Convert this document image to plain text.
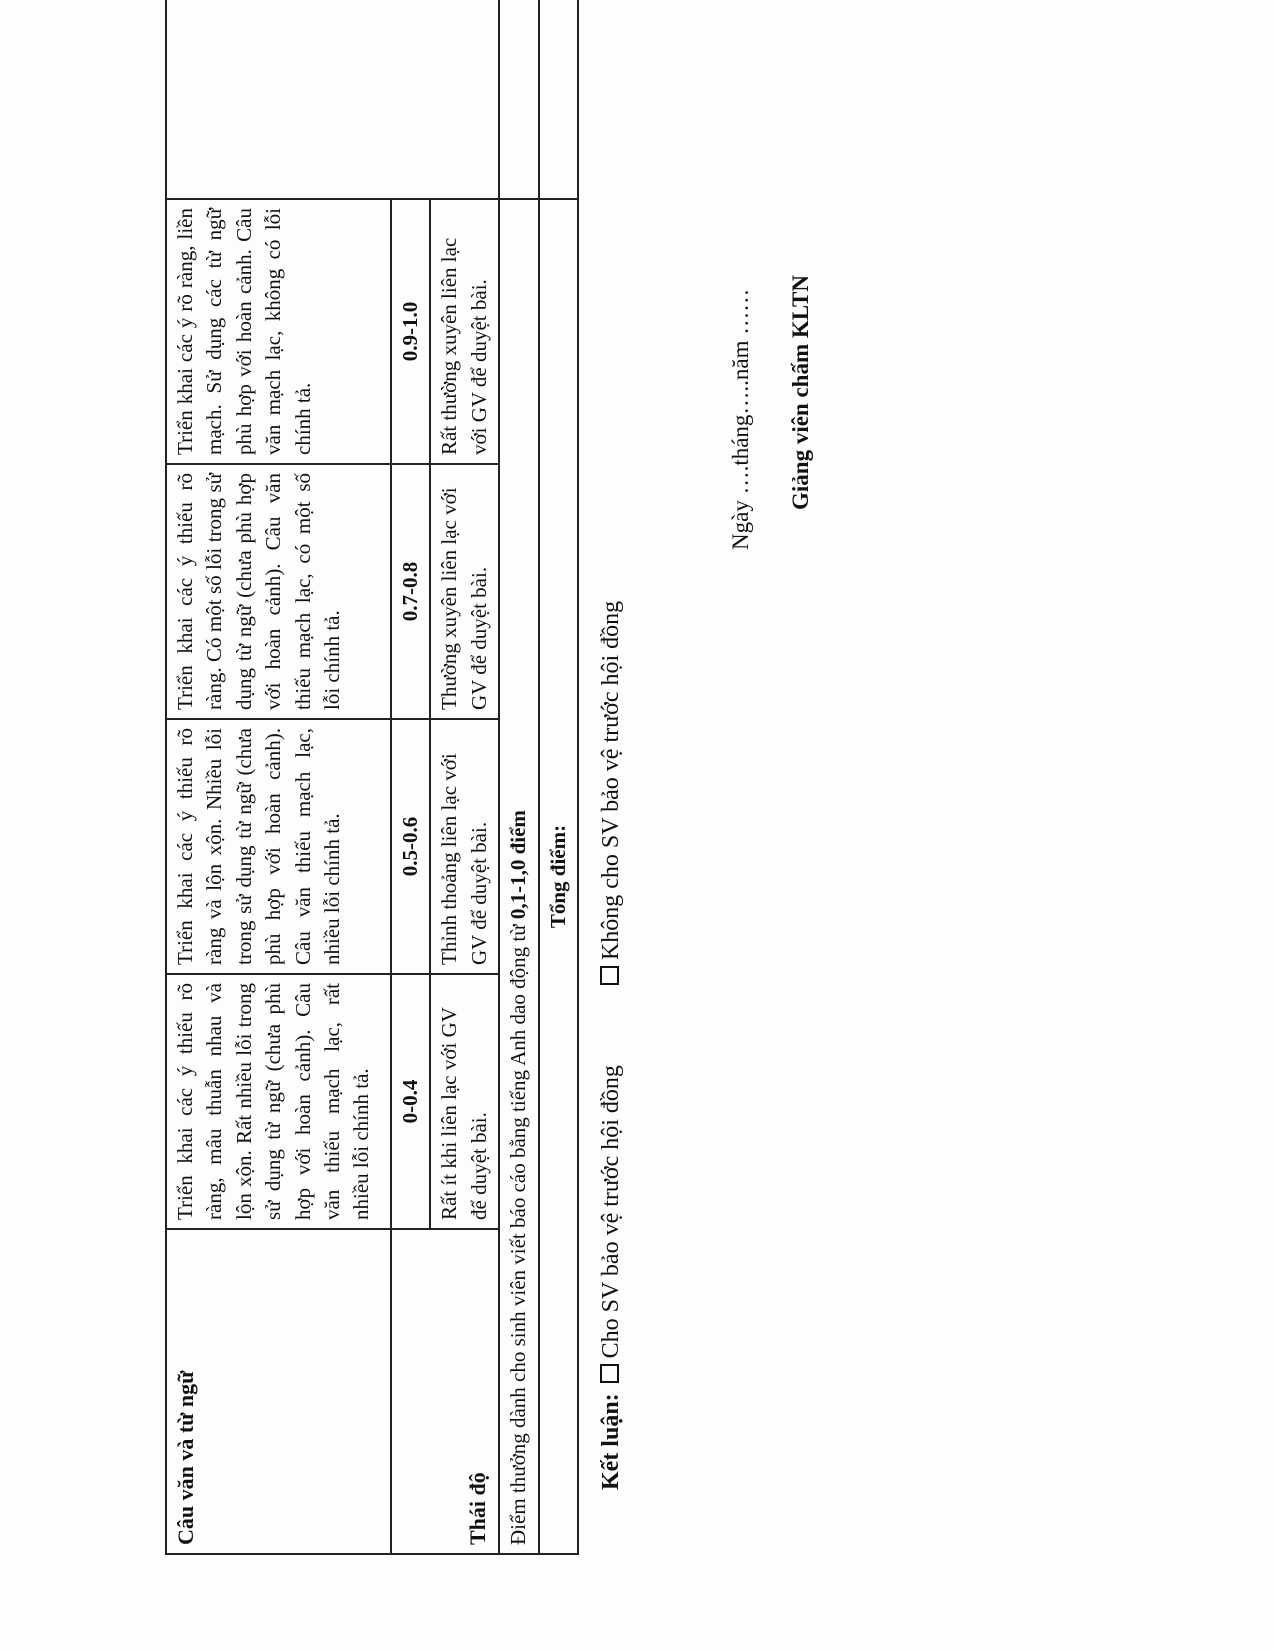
Câu văn và từ ngữ	Triển khai các ý thiếu rõ ràng, mâu thuẫn nhau và lộn xộn. Rất nhiều lỗi trong sử dụng từ ngữ (chưa phù hợp với hoàn cảnh). Câu văn thiếu mạch lạc, rất nhiều lỗi chính tả.	Triển khai các ý thiếu rõ ràng và lộn xộn. Nhiều lỗi trong sử dụng từ ngữ (chưa phù hợp với hoàn cảnh). Câu văn thiếu mạch lạc, nhiều lỗi chính tả.	Triển khai các ý thiếu rõ ràng. Có một số lỗi trong sử dụng từ ngữ (chưa phù hợp với hoàn cảnh). Câu văn thiếu mạch lạc, có một số lỗi chính tả.	Triển khai các ý rõ ràng, liền mạch. Sử dụng các từ ngữ phù hợp với hoàn cảnh. Câu văn mạch lạc, không có lỗi chính tả.	
Thái độ	0-0.4	0.5-0.6	0.7-0.8	0.9-1.0	
	Rất ít khi liên lạc với GV để duyệt bài.	Thỉnh thoảng liên lạc với GV để duyệt bài.	Thường xuyên liên lạc với GV để duyệt bài.	Rất thường xuyên liên lạc với GV để duyệt bài.	
Điểm thưởng dành cho sinh viên viết báo cáo bằng tiếng Anh dao động từ 0,1-1,0 điểm					
Tổng điểm:					
Kết luận: Cho SV bảo vệ trước hội đồng Không cho SV bảo vệ trước hội đồng
Ngày ….tháng…..năm …… Giảng viên chấm KLTN
